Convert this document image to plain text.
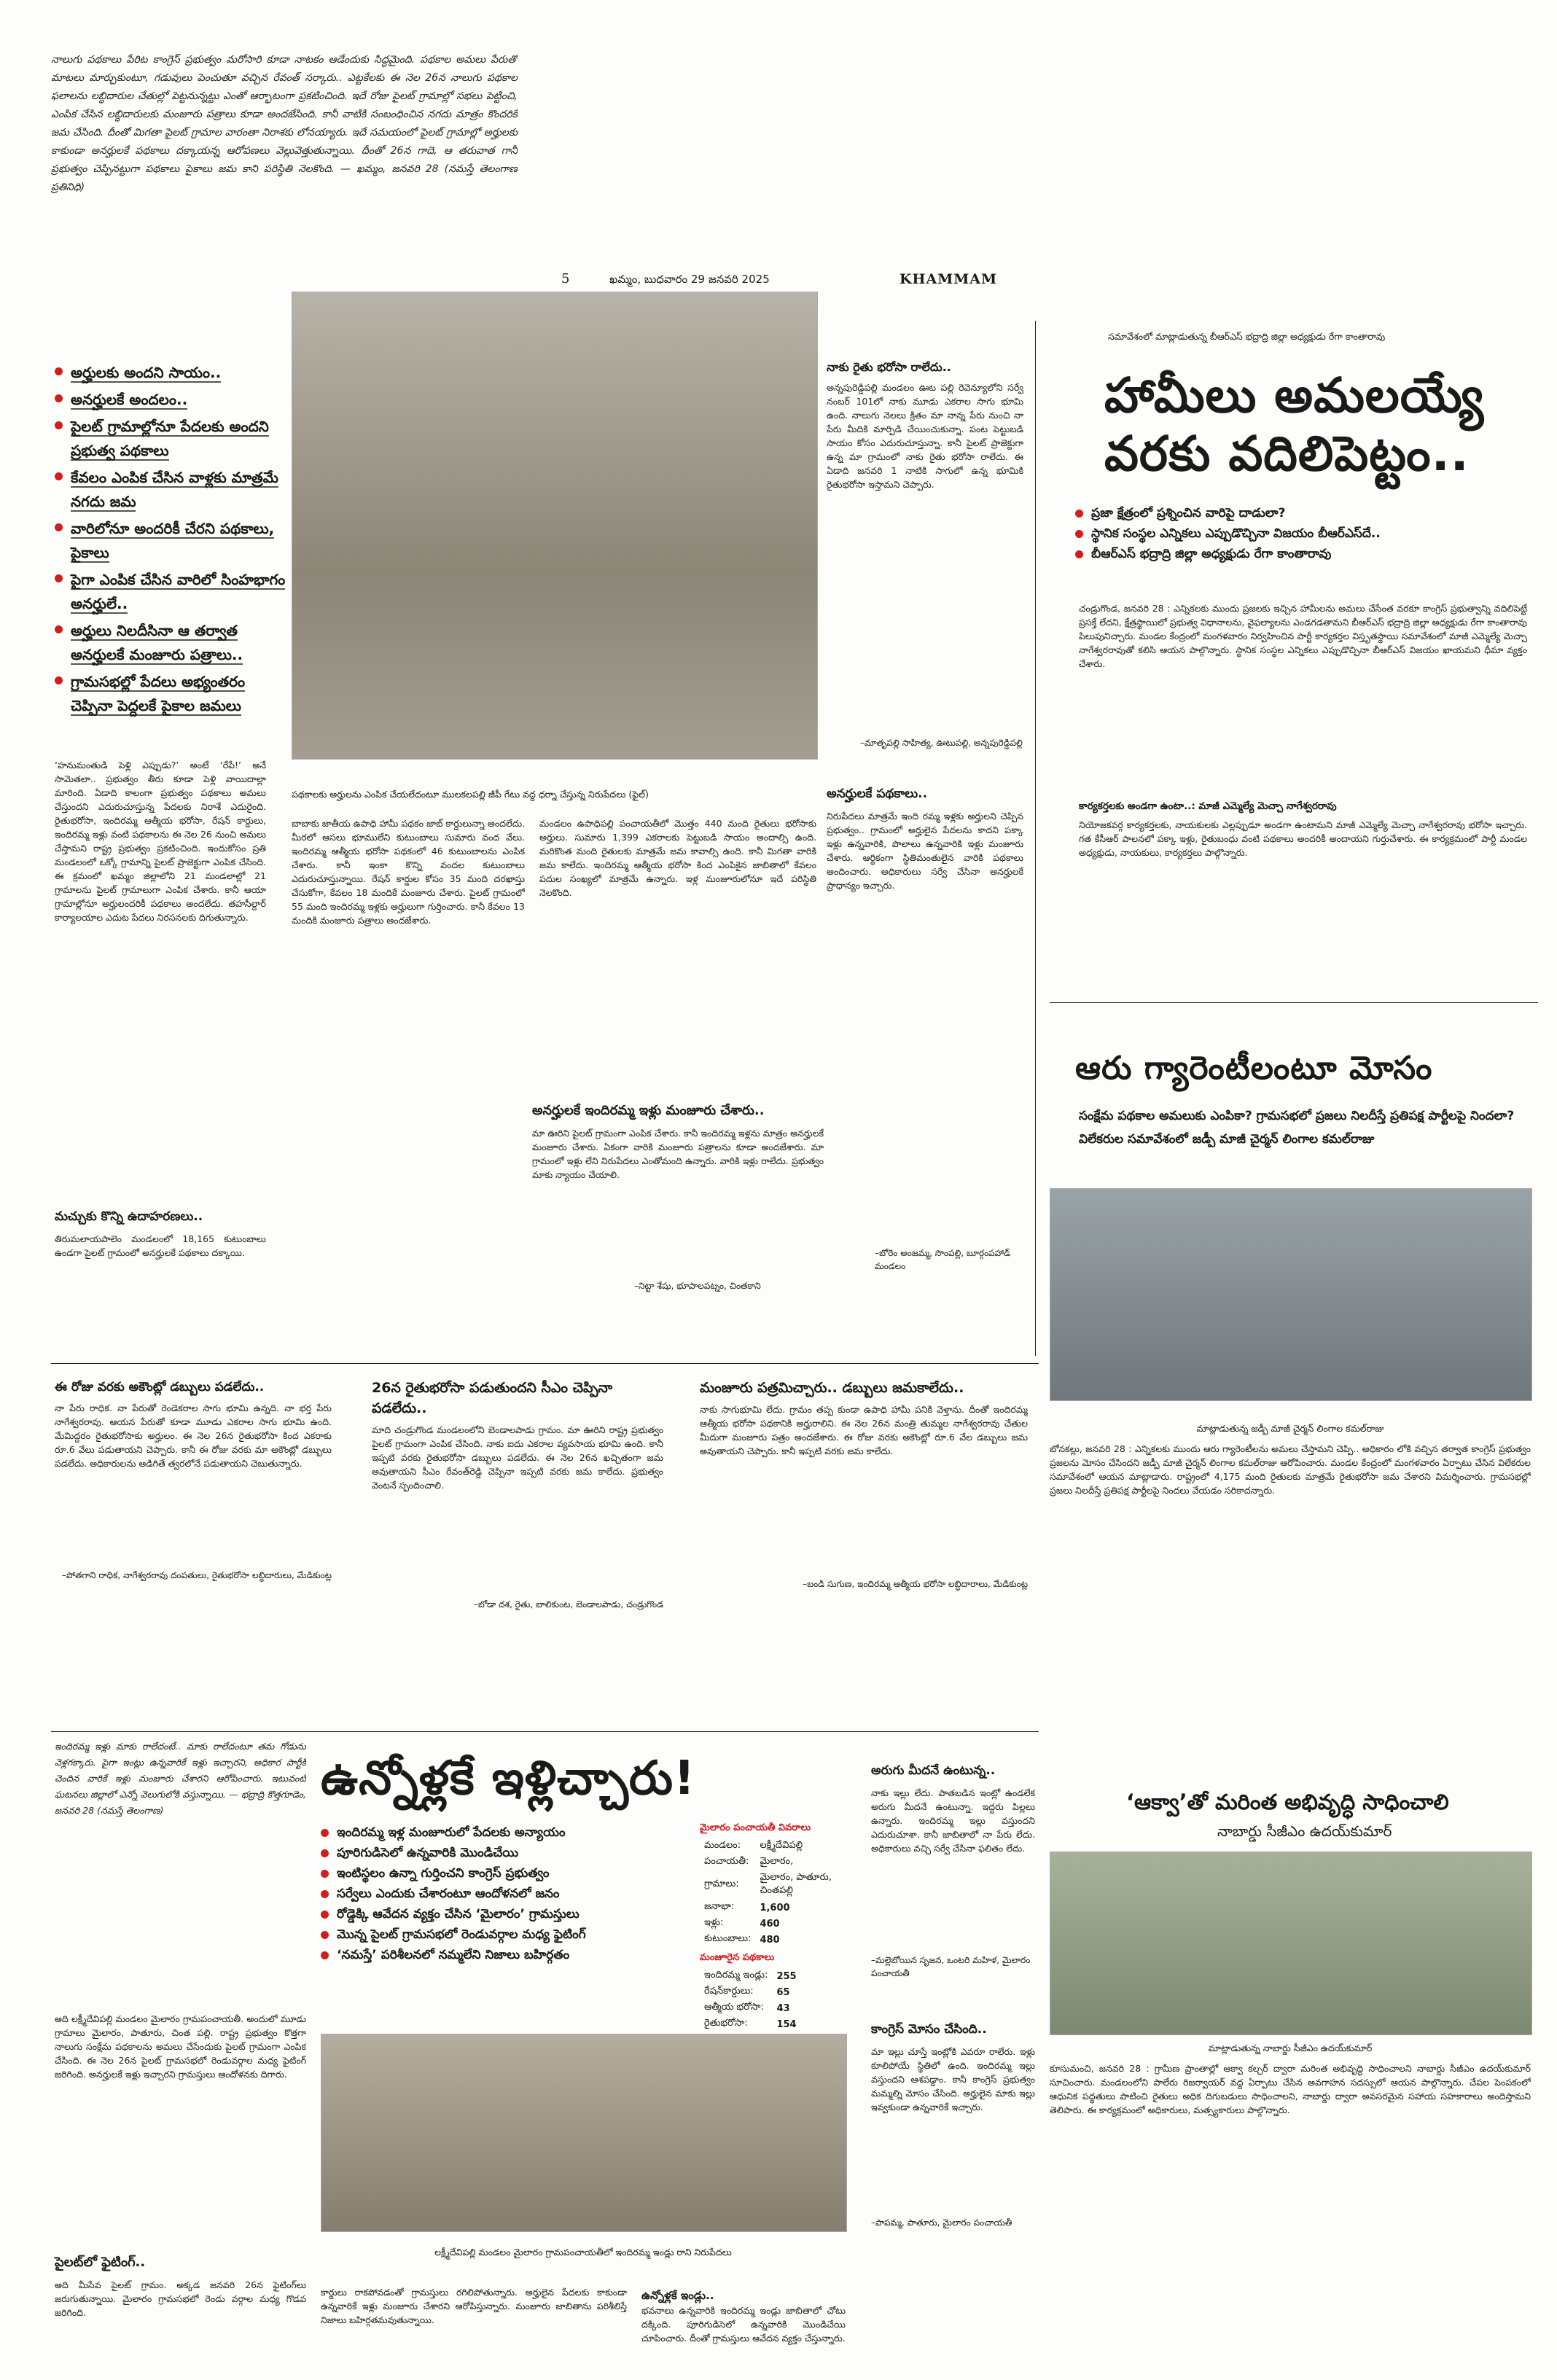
నాలుగు పథకాలు పేరిట కాంగ్రెస్ ప్రభుత్వం మరోసారి కూడా నాటకం ఆడేందుకు సిద్ధమైంది. పథకాల అమలు పేరుతో మాటలు మార్చుకుంటూ, గడువులు పెంచుతూ వచ్చిన రేవంత్ సర్కారు.. ఎట్టకేలకు ఈ నెల 26న నాలుగు పథకాల ఫలాలను లబ్ధిదారుల చేతుల్లో పెట్టనున్నట్టు ఎంతో ఆర్భాటంగా ప్రకటించింది. ఇదే రోజు పైలట్ గ్రామాల్లో సభలు పెట్టించి, ఎంపిక చేసిన లబ్ధిదారులకు మంజూరు పత్రాలు కూడా అందజేసింది. కానీ వాటికి సంబంధించిన నగదు మాత్రం కొందరికే జమ చేసింది. దీంతో మిగతా పైలట్ గ్రామాల వారంతా నిరాశకు లోనయ్యారు. ఇదే సమయంలో పైలట్ గ్రామాల్లో అర్హులకు కాకుండా అనర్హులకే పథకాలు దక్కాయన్న ఆరోపణలు వెల్లువెత్తుతున్నాయి. దీంతో 26న గాదె, ఆ తరువాత గానీ ప్రభుత్వం చెప్పినట్టుగా పథకాలు పైకాలు జమ కాని పరిస్థితి నెలకొంది. — ఖమ్మం, జనవరి 28 (నమస్తే తెలంగాణ ప్రతినిధి)
5	ఖమ్మం, బుధవారం 29 జనవరి 2025	KHAMMAM
అర్హులకు అందని సాయం..
అనర్హులకే అందలం..
పైలట్ గ్రామాల్లోనూ పేదలకు అందని ప్రభుత్వ పథకాలు
కేవలం ఎంపిక చేసిన వాళ్లకు మాత్రమే నగదు జమ
వారిలోనూ అందరికీ చేరని పథకాలు, పైకాలు
పైగా ఎంపిక చేసిన వారిలో సింహభాగం అనర్హులే..
అర్హులు నిలదీసినా ఆ తర్వాత అనర్హులకే మంజూరు పత్రాలు..
గ్రామసభల్లో పేదలు అభ్యంతరం చెప్పినా పెద్దలకే పైకాల జమలు
‘హనుమంతుడి పెళ్లి ఎప్పుడు?’ అంటే ‘రేపే!’ అనే సామెతలా.. ప్రభుత్వం తీరు కూడా పెళ్లి వాయిదాల్లా మారింది. ఏడాది కాలంగా ప్రభుత్వం పథకాలు అమలు చేస్తుందని ఎదురుచూస్తున్న పేదలకు నిరాశే ఎదురైంది. రైతుభరోసా, ఇందిరమ్మ ఆత్మీయ భరోసా, రేషన్ కార్డులు, ఇందిరమ్మ ఇళ్లు వంటి పథకాలను ఈ నెల 26 నుంచి అమలు చేస్తామని రాష్ట్ర ప్రభుత్వం ప్రకటించింది. ఇందుకోసం ప్రతి మండలంలో ఒక్కో గ్రామాన్ని పైలట్ ప్రాజెక్టుగా ఎంపిక చేసింది. ఈ క్రమంలో ఖమ్మం జిల్లాలోని 21 మండలాల్లో 21 గ్రామాలను పైలట్ గ్రామాలుగా ఎంపిక చేశారు. కానీ ఆయా గ్రామాల్లోనూ అర్హులందరికీ పథకాలు అందలేదు. తహసీల్దార్ కార్యాలయాల ఎదుట పేదలు నిరసనలకు దిగుతున్నారు.
మచ్చుకు కొన్ని ఉదాహరణలు..
తిరుమలాయపాలెం మండలంలో 18,165 కుటుంబాలు ఉండగా పైలట్ గ్రామంలో అనర్హులకే పథకాలు దక్కాయి.
పథకాలకు అర్హులను ఎంపిక చేయలేదంటూ ములకలపల్లి జీపీ గేటు వద్ద ధర్నా చేస్తున్న నిరుపేదలు (ఫైల్)
బాబాకు జాతీయ ఉపాధి హామీ పథకం జాబ్ కార్డులున్నా అందలేదు. మీరలో ఆసలు భూములేని కుటుంబాలు సుమారు వంద వేలు. ఇందిరమ్మ ఆత్మీయ భరోసా పథకంలో 46 కుటుంబాలను ఎంపిక చేశారు. కానీ ఇంకా కొన్ని వందల కుటుంబాలు ఎదురుచూస్తున్నాయి. రేషన్ కార్డుల కోసం 35 మంది దరఖాస్తు చేసుకోగా, కేవలం 18 మందికే మంజూరు చేశారు. పైలట్ గ్రామంలో 55 మంది ఇందిరమ్మ ఇళ్లకు అర్హులుగా గుర్తించారు. కానీ కేవలం 13 మందికి మంజూరు పత్రాలు అందజేశారు.
మండలం ఉపాధిపల్లి పంచాయతీలో మొత్తం 440 మంది రైతులు భరోసాకు అర్హులు. సుమారు 1,399 ఎకరాలకు పెట్టుబడి సాయం అందాల్సి ఉంది. మరికొంత మంది రైతులకు మాత్రమే జమ కావాల్సి ఉంది. కానీ మిగతా వారికి జమ కాలేదు. ఇందిరమ్మ ఆత్మీయ భరోసా కింద ఎంపికైన జాబితాలో కేవలం పదుల సంఖ్యలో మాత్రమే ఉన్నారు. ఇళ్ల మంజూరులోనూ ఇదే పరిస్థితి నెలకొంది.
అనర్హులకే ఇందిరమ్మ ఇళ్లు మంజూరు చేశారు..
మా ఊరిని పైలట్ గ్రామంగా ఎంపిక చేశారు. కానీ ఇందిరమ్మ ఇళ్లను మాత్రం అనర్హులకే మంజూరు చేశారు. ఏకంగా వారికి మంజూరు పత్రాలను కూడా అందజేశారు. మా గ్రామంలో ఇళ్లు లేని నిరుపేదలు ఎంతోమంది ఉన్నారు. వారికి ఇళ్లు రాలేదు. ప్రభుత్వం మాకు న్యాయం చేయాలి.
–నిట్టా శేషు, భూపాలపట్నం, చింతకాని
నాకు రైతు భరోసా రాలేదు..
అన్నపురెడ్డిపల్లి మండలం ఊట పల్లి రెవెన్యూలోని సర్వే నంబర్ 101లో నాకు మూడు ఎకరాల సాగు భూమి ఉంది. నాలుగు నెలలు క్రితం మా నాన్న పేరు నుంచి నా పేరు మీదికి మార్పిడి చేయించుకున్నా. పంట పెట్టుబడి సాయం కోసం ఎదురుచూస్తున్నా. కానీ పైలట్ ప్రాజెక్టుగా ఉన్న మా గ్రామంలో నాకు రైతు భరోసా రాలేదు. ఈ ఏడాది జనవరి 1 నాటికి సాగులో ఉన్న భూమికి రైతుభరోసా ఇస్తామని చెప్పారు.
–మాతృపల్లి సాహిత్య, ఊటుపల్లి, అన్నపురెడ్డిపల్లి
అనర్హులకే పథకాలు..
నిరుపేదలు మాత్రమే ఇంది రమ్మ ఇళ్లకు అర్హులని చెప్పిన ప్రభుత్వం.. గ్రామంలో అర్హులైన పేదలను కాదని పక్కా ఇళ్లు ఉన్నవారికి, పొలాలు ఉన్నవారికి ఇళ్లు మంజూరు చేశారు. ఆర్థికంగా స్థితిమంతులైన వారికి పథకాలు అందించారు. అధికారులు సర్వే చేసినా అనర్హులకే ప్రాధాన్యం ఇచ్చారు.
–బోరెం అంజమ్మ, సొంపల్లి, బూర్గంపహాడ్ మండలం
సమావేశంలో మాట్లాడుతున్న బీఆర్ఎస్ భద్రాద్రి జిల్లా అధ్యక్షుడు రేగా కాంతారావు
హామీలు అమలయ్యే
వరకు వదిలిపెట్టం..
ప్రజా క్షేత్రంలో ప్రశ్నించిన వారిపై దాడులా?
స్థానిక సంస్థల ఎన్నికలు ఎప్పుడొచ్చినా విజయం బీఆర్ఎస్‌దే..
బీఆర్ఎస్ భద్రాద్రి జిల్లా అధ్యక్షుడు రేగా కాంతారావు
చండ్రుగొండ, జనవరి 28 : ఎన్నికలకు ముందు ప్రజలకు ఇచ్చిన హామీలను అమలు చేసేంత వరకూ కాంగ్రెస్ ప్రభుత్వాన్ని వదిలిపెట్టే ప్రసక్తే లేదని, క్షేత్రస్థాయిలో ప్రభుత్వ విధానాలను, వైఫల్యాలను ఎండగడతామని బీఆర్ఎస్ భద్రాద్రి జిల్లా అధ్యక్షుడు రేగా కాంతారావు పిలుపునిచ్చారు. మండల కేంద్రంలో మంగళవారం నిర్వహించిన పార్టీ కార్యకర్తల విస్తృతస్థాయి సమావేశంలో మాజీ ఎమ్మెల్యే మెచ్చా నాగేశ్వరరావుతో కలిసి ఆయన పాల్గొన్నారు. స్థానిక సంస్థల ఎన్నికలు ఎప్పుడొచ్చినా బీఆర్ఎస్ విజయం ఖాయమని ధీమా వ్యక్తం చేశారు.
కార్యకర్తలకు అండగా ఉంటా..: మాజీ ఎమ్మెల్యే మెచ్చా నాగేశ్వరరావు
నియోజకవర్గ కార్యకర్తలకు, నాయకులకు ఎల్లప్పుడూ అండగా ఉంటామని మాజీ ఎమ్మెల్యే మెచ్చా నాగేశ్వరరావు భరోసా ఇచ్చారు. గత కేసీఆర్ పాలనలో పక్కా ఇళ్లు, రైతుబంధు వంటి పథకాలు అందరికీ అందాయని గుర్తుచేశారు. ఈ కార్యక్రమంలో పార్టీ మండల అధ్యక్షుడు, నాయకులు, కార్యకర్తలు పాల్గొన్నారు.
ఆరు గ్యారెంటీలంటూ మోసం
సంక్షేమ పథకాల అమలుకు ఎంపికా? గ్రామసభలో ప్రజలు నిలదీస్తే ప్రతిపక్ష పార్టీలపై నిందలా? విలేకరుల సమావేశంలో జడ్పీ మాజీ చైర్మన్ లింగాల కమల్‌రాజు
మాట్లాడుతున్న జడ్పీ మాజీ చైర్మన్ లింగాల కమల్‌రాజు
బోనకల్లు, జనవరి 28 : ఎన్నికలకు ముందు ఆరు గ్యారెంటీలను అమలు చేస్తామని చెప్పి.. అధికారం లోకి వచ్చిన తర్వాత కాంగ్రెస్ ప్రభుత్వం ప్రజలను మోసం చేసిందని జడ్పీ మాజీ చైర్మన్ లింగాల కమల్‌రాజు ఆరోపించారు. మండల కేంద్రంలో మంగళవారం ఏర్పాటు చేసిన విలేకరుల సమావేశంలో ఆయన మాట్లాడారు. రాష్ట్రంలో 4,175 మంది రైతులకు మాత్రమే రైతుభరోసా జమ చేశారని విమర్శించారు. గ్రామసభల్లో ప్రజలు నిలదీస్తే ప్రతిపక్ష పార్టీలపై నిందలు వేయడం సరికాదన్నారు.
‘ఆక్వా’తో మరింత అభివృద్ధి సాధించాలి
నాబార్డు సీజీఎం ఉదయ్‌కుమార్
మాట్లాడుతున్న నాబార్డు సీజీఎం ఉదయ్‌కుమార్
కూసుమంచి, జనవరి 28 : గ్రామీణ ప్రాంతాల్లో ఆక్వా కల్చర్ ద్వారా మరింత అభివృద్ధి సాధించాలని నాబార్డు సీజీఎం ఉదయ్‌కుమార్ సూచించారు. మండలంలోని పాలేరు రిజర్వాయర్ వద్ద ఏర్పాటు చేసిన అవగాహన సదస్సులో ఆయన పాల్గొన్నారు. చేపల పెంపకంలో ఆధునిక పద్ధతులు పాటించి రైతులు అధిక దిగుబడులు సాధించాలని, నాబార్డు ద్వారా అవసరమైన సహాయ సహకారాలు అందిస్తామని తెలిపారు. ఈ కార్యక్రమంలో అధికారులు, మత్స్యకారులు పాల్గొన్నారు.
ఈ రోజు వరకు అకౌంట్లో డబ్బులు పడలేదు..
నా పేరు రాధిక. నా పేరుతో రెండెకరాల సాగు భూమి ఉన్నది. నా భర్త పేరు నాగేశ్వరరావు. ఆయన పేరుతో కూడా మూడు ఎకరాల సాగు భూమి ఉంది. మేమిద్దరం రైతుభరోసాకు అర్హులం. ఈ నెల 26న రైతుభరోసా కింద ఎకరాకు రూ.6 వేలు పడుతాయని చెప్పారు. కానీ ఈ రోజు వరకు మా అకౌంట్లో డబ్బులు పడలేదు. అధికారులను అడిగితే త్వరలోనే పడుతాయని చెబుతున్నారు.
–పోతగాని రాధిక, నాగేశ్వరరావు దంపతులు, రైతుభరోసా లబ్ధిదారులు, మేడికుంట్ల
26న రైతుభరోసా పడుతుందని సీఎం చెప్పినా పడలేదు..
మాది చండ్రుగొండ మండలంలోని బెండాలపాడు గ్రామం. మా ఊరిని రాష్ట్ర ప్రభుత్వం పైలట్ గ్రామంగా ఎంపిక చేసింది. నాకు ఐదు ఎకరాల వ్యవసాయ భూమి ఉంది. కానీ ఇప్పటి వరకు రైతుభరోసా డబ్బులు పడలేదు. ఈ నెల 26న ఖచ్చితంగా జమ అవుతాయని సీఎం రేవంత్‌రెడ్డి చెప్పినా ఇప్పటి వరకు జమ కాలేదు. ప్రభుత్వం వెంటనే స్పందించాలి.
–బోడా దశ, రైతు, బాలికుంట, బెండాలపాడు, చండ్రుగొండ
మంజూరు పత్రమిచ్చారు.. డబ్బులు జమకాలేదు..
నాకు సాగుభూమి లేదు. గ్రామం తప్ప కుండా ఉపాధి హామీ పనికి వెళ్తాను. దీంతో ఇందిరమ్మ ఆత్మీయ భరోసా పథకానికి అర్హురాలిని. ఈ నెల 26న మంత్రి తుమ్మల నాగేశ్వరరావు చేతుల మీదుగా మంజూరు పత్రం అందజేశారు. ఈ రోజు వరకు అకౌంట్లో రూ.6 వేల డబ్బులు జమ అవుతాయని చెప్పారు. కానీ ఇప్పటి వరకు జమ కాలేదు.
–బండి సుగుణ, ఇందిరమ్మ ఆత్మీయ భరోసా లబ్ధిదారాలు, మేడికుంట్ల
ఇందిరమ్మ ఇళ్లు మాకు రాలేదంటే.. మాకు రాలేదంటూ తమ గోడును వెళ్లగక్కారు. పైగా ఇంట్లు ఉన్నవారికే ఇళ్లు ఇచ్చారని, అధికార పార్టీకి చెందిన వారికే ఇళ్లు మంజూరు చేశారని ఆరోపించారు. ఇటువంటి ఘటనలు జిల్లాలో ఎన్నో వెలుగులోకి వస్తున్నాయి. — భద్రాద్రి కొత్తగూడెం, జనవరి 28 (నమస్తే తెలంగాణ)
ఉన్నోళ్లకే ఇళ్లిచ్చారు!
ఇందిరమ్మ ఇళ్ల మంజూరులో పేదలకు అన్యాయం
పూరిగుడిసెలో ఉన్నవారికి మొండిచేయి
ఇంటిస్థలం ఉన్నా గుర్తించని కాంగ్రెస్ ప్రభుత్వం
సర్వేలు ఎందుకు చేశారంటూ ఆందోళనలో జనం
రోడ్డెక్కి ఆవేదన వ్యక్తం చేసిన ‘మైలారం’ గ్రామస్తులు
మొన్న పైలట్ గ్రామసభలో రెండువర్గాల మధ్య ఫైటింగ్
‘నమస్తే’ పరిశీలనలో నమ్మలేని నిజాలు బహిర్గతం
మైలారం పంచాయతీ వివరాలు
మండలం:	లక్ష్మీదేవిపల్లి
పంచాయతీ:	మైలారం,
గ్రామాలు:	మైలారం, పాతూరు, చింతపల్లి
జనాభా:	1,600
ఇళ్లు:	460
కుటుంబాలు:	480
మంజూరైన పథకాలు
ఇందిరమ్మ ఇండ్లు:	255
రేషన్‌కార్డులు:	65
ఆత్మీయ భరోసా:	43
రైతుభరోసా:	154
అరుగు మీదనే ఉంటున్న..
నాకు ఇల్లు లేదు. పాతబడిన ఇంట్లో ఉండలేక అరుగు మీదనే ఉంటున్నా. ఇద్దరు పిల్లలు ఉన్నారు. ఇందిరమ్మ ఇల్లు వస్తుందని ఎదురుచూశా. కానీ జాబితాలో నా పేరు లేదు. అధికారులు వచ్చి సర్వే చేసినా ఫలితం లేదు.
–మల్లెబోయిన సృజన, ఒంటరి మహిళ, మైలారం పంచాయతీ
కాంగ్రెస్ మోసం చేసింది..
మా ఇల్లు చూస్తే ఇంట్లోకి ఎవరూ రాలేరు. ఇళ్లు కూలిపోయే స్థితిలో ఉంది. ఇందిరమ్మ ఇల్లు వస్తుందని ఆశపడ్డాం. కానీ కాంగ్రెస్ ప్రభుత్వం మమ్మల్ని మోసం చేసింది. అర్హులైన మాకు ఇల్లు ఇవ్వకుండా ఉన్నవారికే ఇచ్చారు.
–పాపమ్మ, పాతూరు, మైలారం పంచాయతీ
అది లక్ష్మీదేవిపల్లి మండలం మైలారం గ్రామపంచాయతీ. అందులో మూడు గ్రామాలు మైలారం, పాతూరు, చింత పల్లి. రాష్ట్ర ప్రభుత్వం కొత్తగా నాలుగు సంక్షేమ పథకాలను అమలు చేసేందుకు పైలట్ గ్రామంగా ఎంపిక చేసింది. ఈ నెల 26న పైలట్ గ్రామసభలో రెండువర్గాల మధ్య ఫైటింగ్ జరిగింది. అనర్హులకే ఇళ్లు ఇచ్చారని గ్రామస్తులు ఆందోళనకు దిగారు.
పైలట్‌లో ఫైటింగ్..
అది మీసేవ పైలట్ గ్రామం. అక్కడ జనవరి 26న ఫైటింగ్‌లు జరుగుతున్నాయి. మైలారం గ్రామసభలో రెండు వర్గాల మధ్య గొడవ జరిగింది.
లక్ష్మీదేవిపల్లి మండలం మైలారం గ్రామపంచాయతీలో ఇందిరమ్మ ఇండ్లు రాని నిరుపేదలు
కార్డులు రాకపోవడంతో గ్రామస్తులు రగిలిపోతున్నారు. అర్హులైన పేదలకు కాకుండా ఉన్నవారికే ఇళ్లు మంజూరు చేశారని ఆరోపిస్తున్నారు. మంజూరు జాబితాను పరిశీలిస్తే నిజాలు బహిర్గతమవుతున్నాయి.
ఉన్నోళ్లకే ఇండ్లు..
భవనాలు ఉన్నవారికి ఇందిరమ్మ ఇండ్లు జాబితాలో చోటు దక్కింది. పూరిగుడిసెలో ఉన్నవారికి మొండిచేయి చూపించారు. దీంతో గ్రామస్తులు ఆవేదన వ్యక్తం చేస్తున్నారు.
